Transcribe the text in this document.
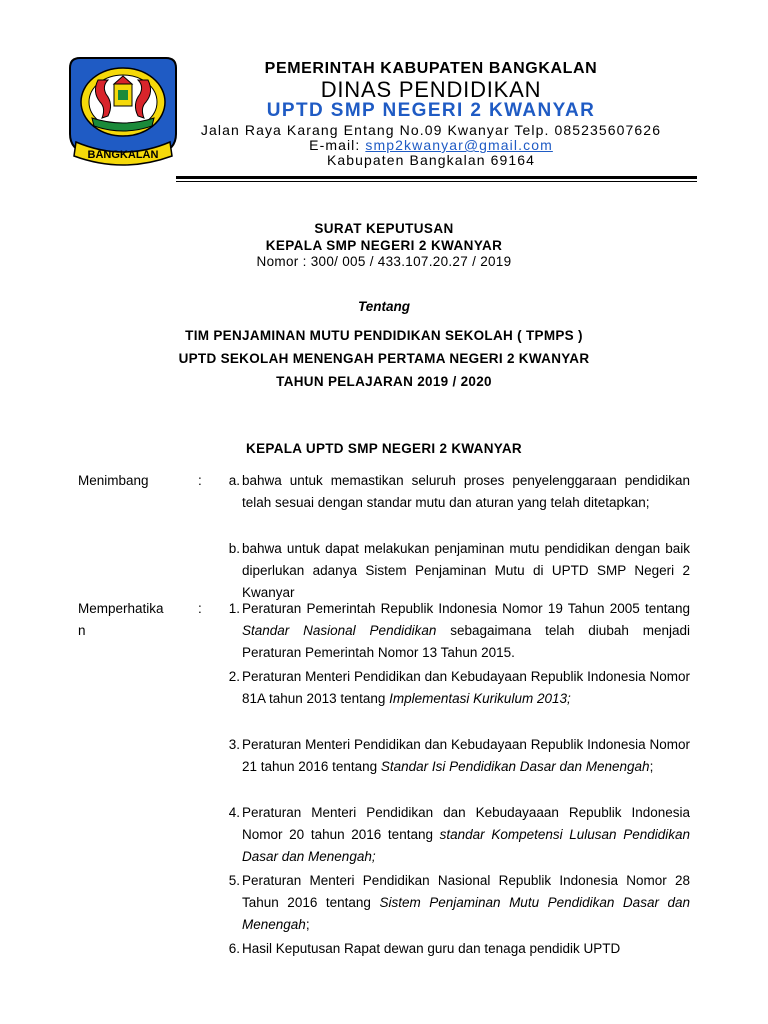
BANGKALAN
PEMERINTAH KABUPATEN BANGKALAN
DINAS PENDIDIKAN
UPTD SMP NEGERI 2 KWANYAR
Jalan Raya Karang Entang No.09 Kwanyar Telp. 085235607626
E-mail: smp2kwanyar@gmail.com
Kabupaten Bangkalan 69164
SURAT KEPUTUSAN
KEPALA SMP NEGERI 2 KWANYAR
Nomor : 300/ 005 / 433.107.20.27 / 2019
Tentang
TIM PENJAMINAN MUTU PENDIDIKAN SEKOLAH ( TPMPS )
UPTD SEKOLAH MENENGAH PERTAMA NEGERI 2 KWANYAR
TAHUN PELAJARAN 2019 / 2020
KEPALA UPTD SMP NEGERI 2 KWANYAR
Menimbang	:	a. bahwa untuk memastikan seluruh proses penyelenggaraan pendidikan telah sesuai dengan standar mutu dan aturan yang telah ditetapkan;
b. bahwa untuk dapat melakukan penjaminan mutu pendidikan dengan baik diperlukan adanya Sistem Penjaminan Mutu di UPTD SMP Negeri 2 Kwanyar
Memperhatika
n
:	1. Peraturan Pemerintah Republik Indonesia Nomor 19 Tahun 2005 tentang Standar Nasional Pendidikan sebagaimana telah diubah menjadi Peraturan Pemerintah Nomor 13 Tahun 2015.
2. Peraturan Menteri Pendidikan dan Kebudayaan Republik Indonesia Nomor 81A tahun 2013 tentang Implementasi Kurikulum 2013;
3. Peraturan Menteri Pendidikan dan Kebudayaan Republik Indonesia Nomor 21 tahun 2016 tentang Standar Isi Pendidikan Dasar dan Menengah;
4. Peraturan Menteri Pendidikan dan Kebudayaaan Republik Indonesia Nomor 20 tahun 2016 tentang standar Kompetensi Lulusan Pendidikan Dasar dan Menengah;
5. Peraturan Menteri Pendidikan Nasional Republik Indonesia Nomor 28 Tahun 2016 tentang Sistem Penjaminan Mutu Pendidikan Dasar dan Menengah;
6. Hasil Keputusan Rapat dewan guru dan tenaga pendidik UPTD
